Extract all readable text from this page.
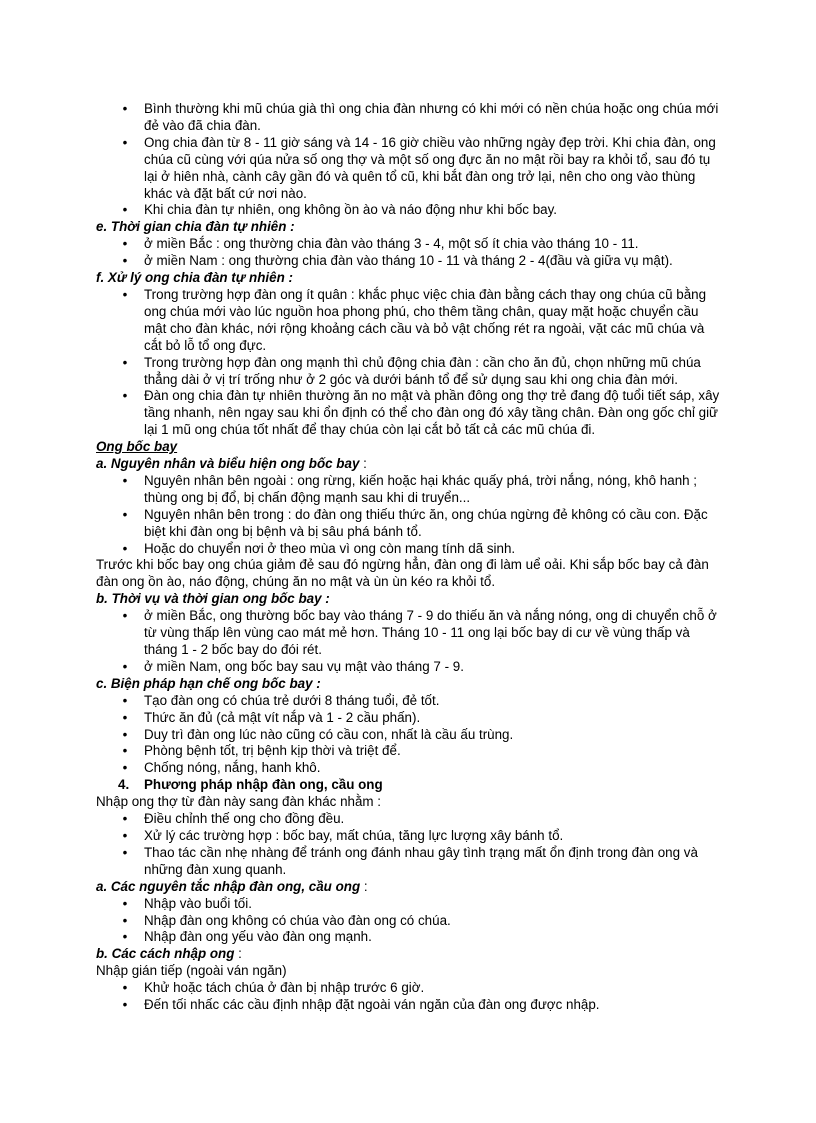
•	Bình thường khi mũ chúa già thì ong chia đàn nhưng có khi mới có nền chúa hoặc ong chúa mới đẻ vào đã chia đàn.
•	Ong chia đàn từ 8 - 11 giờ sáng và 14 - 16 giờ chiều vào những ngày đẹp trời. Khi chia đàn, ong chúa cũ cùng với qúa nửa số ong thợ và một số ong đực ăn no mật rồi bay ra khỏi tổ, sau đó tụ lại ở hiên nhà, cành cây gần đó và quên tổ cũ, khi bắt đàn ong trở lại, nên cho ong vào thùng khác và đặt bất cứ nơi nào.
•	Khi chia đàn tự nhiên, ong không ồn ào và náo động như khi bốc bay.

e. Thời gian chia đàn tự nhiên :

•	ở miền Bắc : ong thường chia đàn vào tháng 3 - 4, một số ít chia vào tháng 10 - 11.
•	ở miền Nam : ong thường chia đàn vào tháng 10 - 11 và tháng 2 - 4(đầu và giữa vụ mật).

f. Xử lý ong chia đàn tự nhiên :

•	Trong trường hợp đàn ong ít quân : khắc phục việc chia đàn bằng cách thay ong chúa cũ bằng ong chúa mới vào lúc nguồn hoa phong phú, cho thêm tầng chân, quay mặt hoặc chuyển cầu mật cho đàn khác, nới rộng khoảng cách cầu và bỏ vật chống rét ra ngoài, vặt các mũ chúa và cắt bỏ lỗ tổ ong đực.
•	Trong trường hợp đàn ong mạnh thì chủ động chia đàn : cần cho ăn đủ, chọn những mũ chúa thẳng dài ở vị trí trống như ở 2 góc và dưới bánh tổ để sử dụng sau khi ong chia đàn mới.
•	Đàn ong chia đàn tự nhiên thường ăn no mật và phần đông ong thợ trẻ đang độ tuổi tiết sáp, xây tầng nhanh, nên ngay sau khi ổn định có thể cho đàn ong đó xây tầng chân. Đàn ong gốc chỉ giữ lại 1 mũ ong chúa tốt nhất để thay chúa còn lại cắt bỏ tất cả các mũ chúa đi.

Ong bốc bay

a. Nguyên nhân và biểu hiện ong bốc bay :

•	Nguyên nhân bên ngoài : ong rừng, kiến hoặc hại khác quấy phá, trời nắng, nóng, khô hanh ; thùng ong bị đổ, bị chấn động mạnh sau khi di truyển...
•	Nguyên nhân bên trong : do đàn ong thiếu thức ăn, ong chúa ngừng đẻ không có cầu con. Đặc biệt khi đàn ong bị bệnh và bị sâu phá bánh tổ.
•	Hoặc do chuyển nơi ở theo mùa vì ong còn mang tính dã sinh.

Trước khi bốc bay ong chúa giảm đẻ sau đó ngừng hẳn, đàn ong đi làm uể oải. Khi sắp bốc bay cả đàn đàn ong ồn ào, náo động, chúng ăn no mật và ùn ùn kéo ra khỏi tổ.

b. Thời vụ và thời gian ong bốc bay :

•	ở miền Bắc, ong thường bốc bay vào tháng 7 - 9 do thiếu ăn và nắng nóng, ong di chuyển chỗ ở từ vùng thấp lên vùng cao mát mẻ hơn. Tháng 10 - 11 ong lại bốc bay di cư về vùng thấp và tháng 1 - 2 bốc bay do đói rét.
•	ở miền Nam, ong bốc bay sau vụ mật vào tháng 7 - 9.

c. Biện pháp hạn chế ong bốc bay :

•	Tạo đàn ong có chúa trẻ dưới 8 tháng tuổi, đẻ tốt.
•	Thức ăn đủ (cả mật vít nắp và 1 - 2 cầu phấn).
•	Duy trì đàn ong lúc nào cũng có cầu con, nhất là cầu ấu trùng.
•	Phòng bệnh tốt, trị bệnh kịp thời và triệt để.
•	Chống nóng, nắng, hanh khô.
4. Phương pháp nhập đàn ong, cầu ong

Nhập ong thợ từ đàn này sang đàn khác nhằm :

•	Điều chỉnh thế ong cho đồng đều.
•	Xử lý các trường hợp : bốc bay, mất chúa, tăng lực lượng xây bánh tổ.
•	Thao tác cần nhẹ nhàng để tránh ong đánh nhau gây tình trạng mất ổn định trong đàn ong và những đàn xung quanh.

a. Các nguyên tắc nhập đàn ong, cầu ong :

•	Nhập vào buổi tối.
•	Nhập đàn ong không có chúa vào đàn ong có chúa.
•	Nhập đàn ong yếu vào đàn ong mạnh.

b. Các cách nhập ong :

Nhập gián tiếp (ngoài ván ngăn)

•	Khử hoặc tách chúa ở đàn bị nhập trước 6 giờ.
•	Đến tối nhấc các cầu định nhập đặt ngoài ván ngăn của đàn ong được nhập.
